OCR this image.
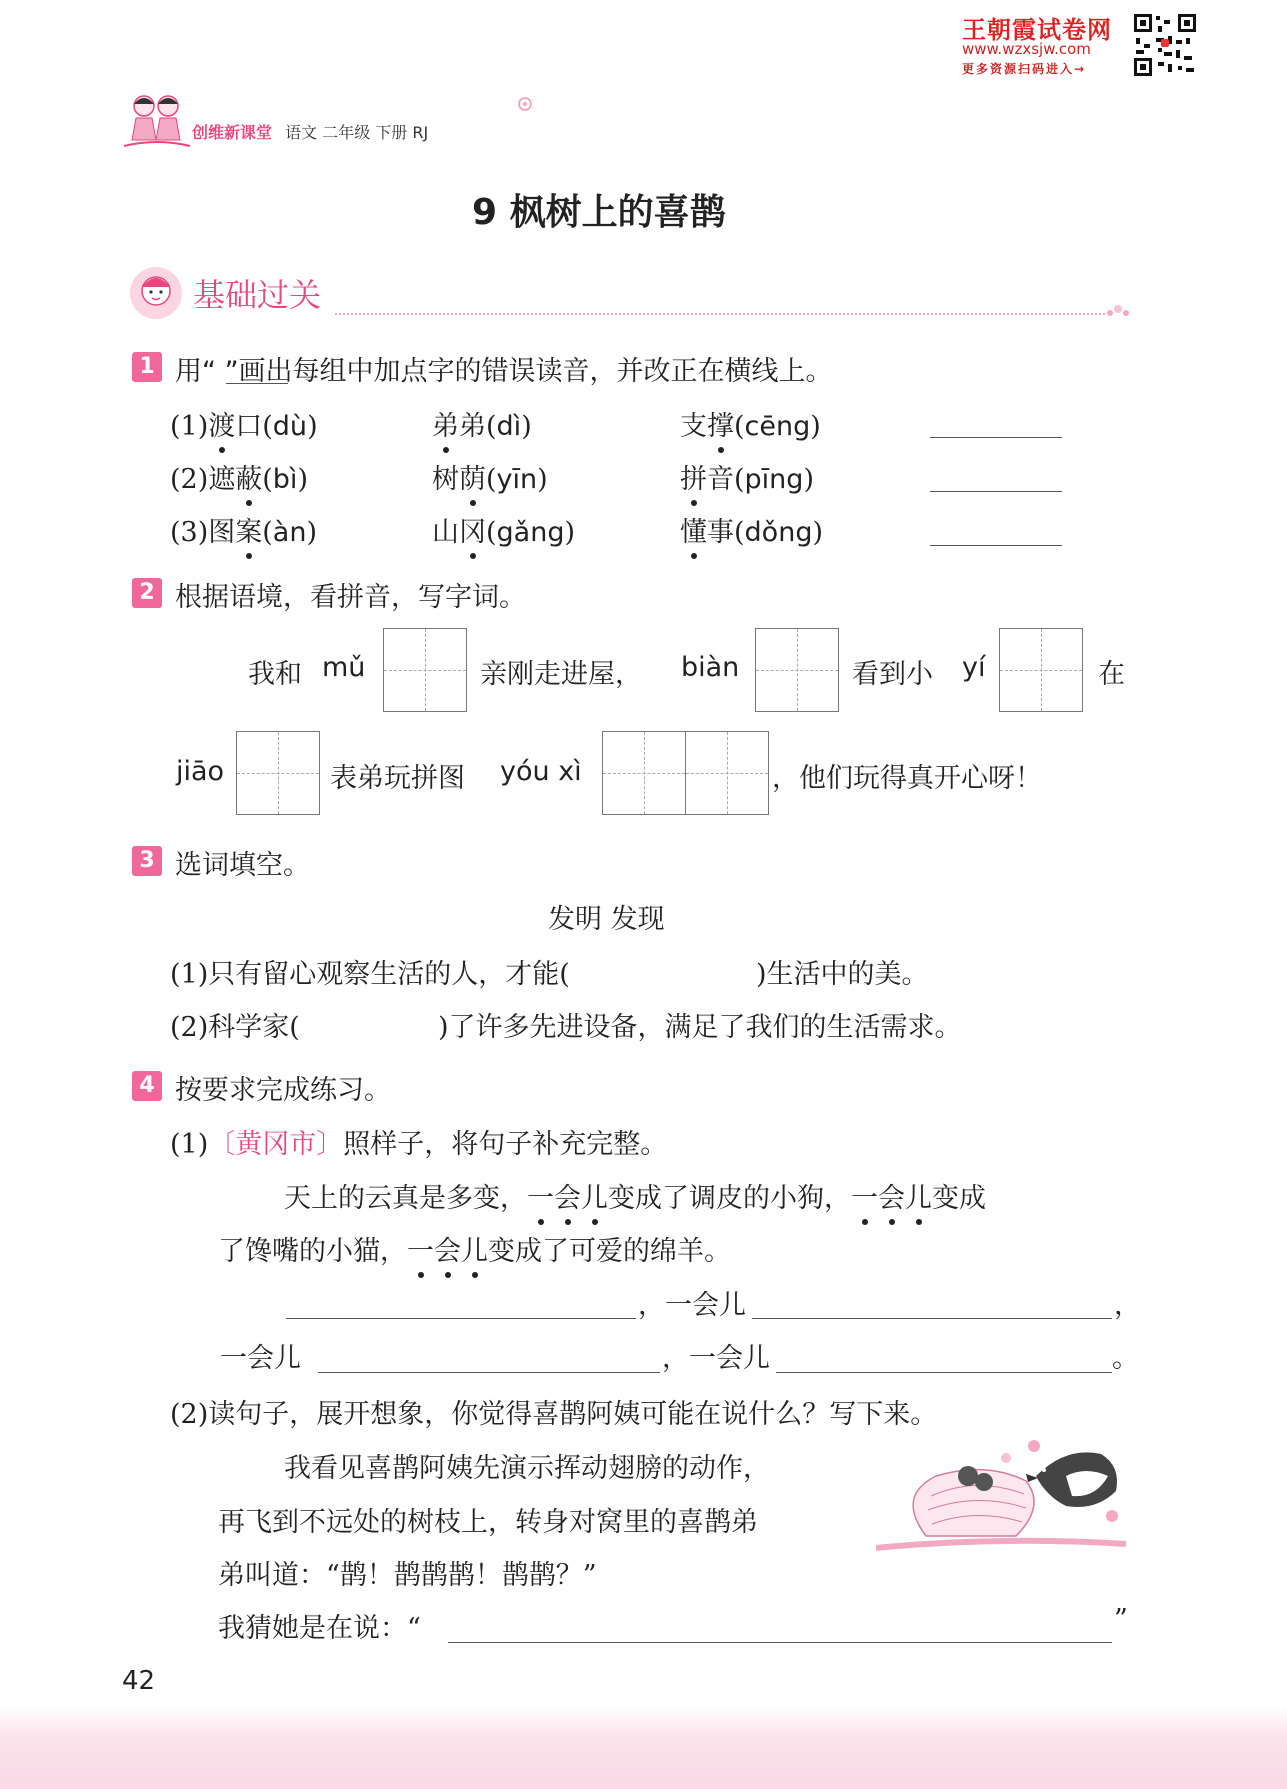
王朝霞试卷网
www.wzxsjw.com
更多资源扫码进入→
创维新课堂 语文 二年级 下册 RJ
9 枫树上的喜鹊
基础过关
1 用“ ”画出每组中加点字的错误读音，并改正在横线上。
(1)渡口(dù)	弟弟(dì)	支撑(cēng)
(2)遮蔽(bì)	树荫(yīn)	拼音(pīng)
(3)图案(àn)	山冈(gǎng)	懂事(dǒng)
2 根据语境，看拼音，写字词。
我和 mǔ	亲刚走进屋， biàn	看到小 yí	在
jiāo	表弟玩拼图 yóu xì	，他们玩得真开心呀！
3 选词填空。
发明 发现
(1)只有留心观察生活的人，才能(	)生活中的美。
(2)科学家(	)了许多先进设备，满足了我们的生活需求。
4 按要求完成练习。
(1)〔黄冈市〕照样子，将句子补充完整。
天上的云真是多变，一会儿变成了调皮的小狗，一会儿变成
了馋嘴的小猫，一会儿变成了可爱的绵羊。
，一会儿	，
一会儿	，一会儿	。
(2)读句子，展开想象，你觉得喜鹊阿姨可能在说什么？写下来。
我看见喜鹊阿姨先演示挥动翅膀的动作，
再飞到不远处的树枝上，转身对窝里的喜鹊弟
弟叫道：“鹊！鹊鹊鹊！鹊鹊？”
我猜她是在说：“	”
42
